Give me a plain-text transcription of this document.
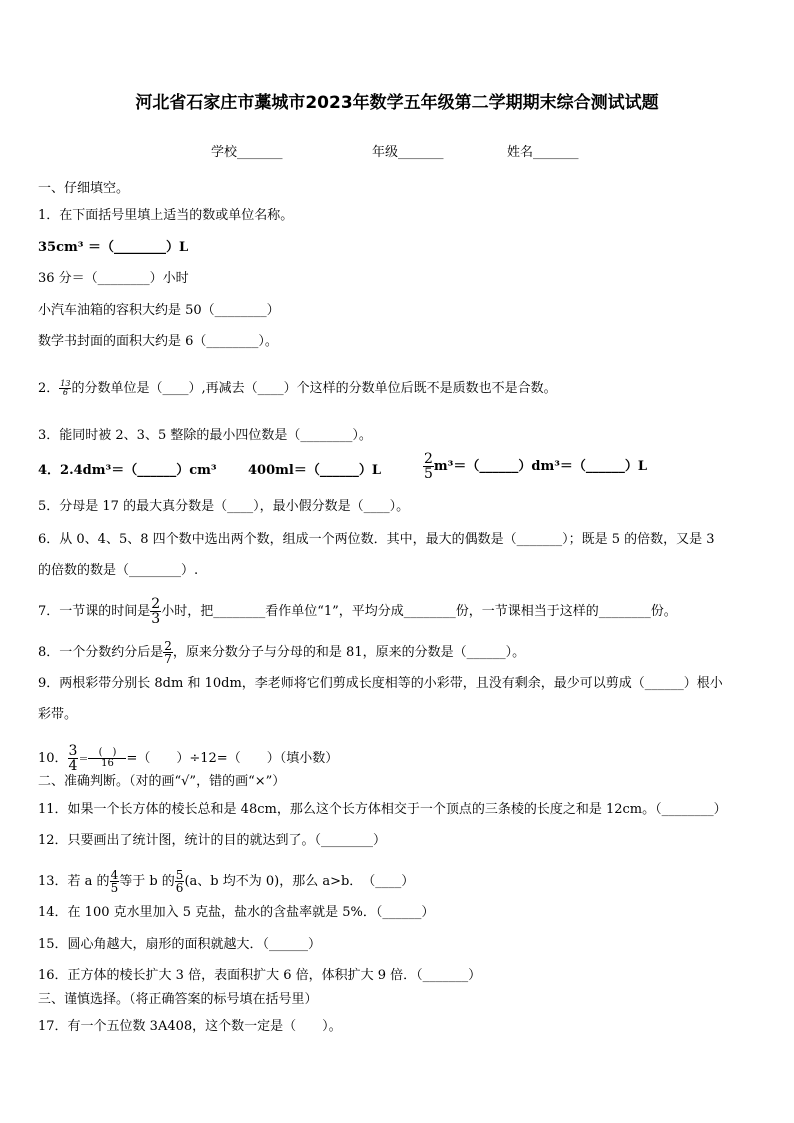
河北省石家庄市藁城市2023年数学五年级第二学期期末综合测试试题
学校_______	年级_______	姓名_______
一、仔细填空。
1．在下面括号里填上适当的数或单位名称。
35cm³ ＝（________）L
36 分＝（________）小时
小汽车油箱的容积大约是 50（________）
数学书封面的面积大约是 6（________）。
2． $\frac{13}{6}$ 的分数单位是（____）,再减去（____）个这样的分数单位后既不是质数也不是合数。
3．能同时被 2、3、5 整除的最小四位数是（________）。
4．2.4dm³＝（______）cm³ 400ml＝（______）L	$\frac{2}{5}$ m³＝（______）dm³＝（______）L
5．分母是 17 的最大真分数是（____），最小假分数是（____）。
6．从 0、4、5、8 四个数中选出两个数，组成一个两位数．其中，最大的偶数是（_______）；既是 5 的倍数，又是 3
的倍数的数是（________）.
7．一节课的时间是 $\frac{2}{3}$ 小时，把________看作单位“1”，平均分成________份，一节课相当于这样的________份。
8．一个分数约分后是 $\frac{2}{7}$ ，原来分数分子与分母的和是 81，原来的分数是（______）。
9．两根彩带分别长 8dm 和 10dm，李老师将它们剪成长度相等的小彩带，且没有剩余，最少可以剪成（______）根小
彩带。
10． $\frac{3}{4} = \frac{( )}{16}$ =（　　）÷12=（　　）（填小数）
二、准确判断。（对的画“√”，错的画“×”）
11．如果一个长方体的棱长总和是 48cm，那么这个长方体相交于一个顶点的三条棱的长度之和是 12cm。（________）
12．只要画出了统计图，统计的目的就达到了。（________）
13．若 a 的 $\frac{4}{5}$ 等于 b 的 $\frac{5}{6} (a$、b 均不为 0)，那么 a>b．　（____）
14．在 100 克水里加入 5 克盐，盐水的含盐率就是 5%．（______）
15．圆心角越大，扇形的面积就越大．（______）
16．正方体的棱长扩大 3 倍，表面积扩大 6 倍，体积扩大 9 倍．（_______）
三、谨慎选择。（将正确答案的标号填在括号里）
17．有一个五位数 3A408，这个数一定是（　　）。
